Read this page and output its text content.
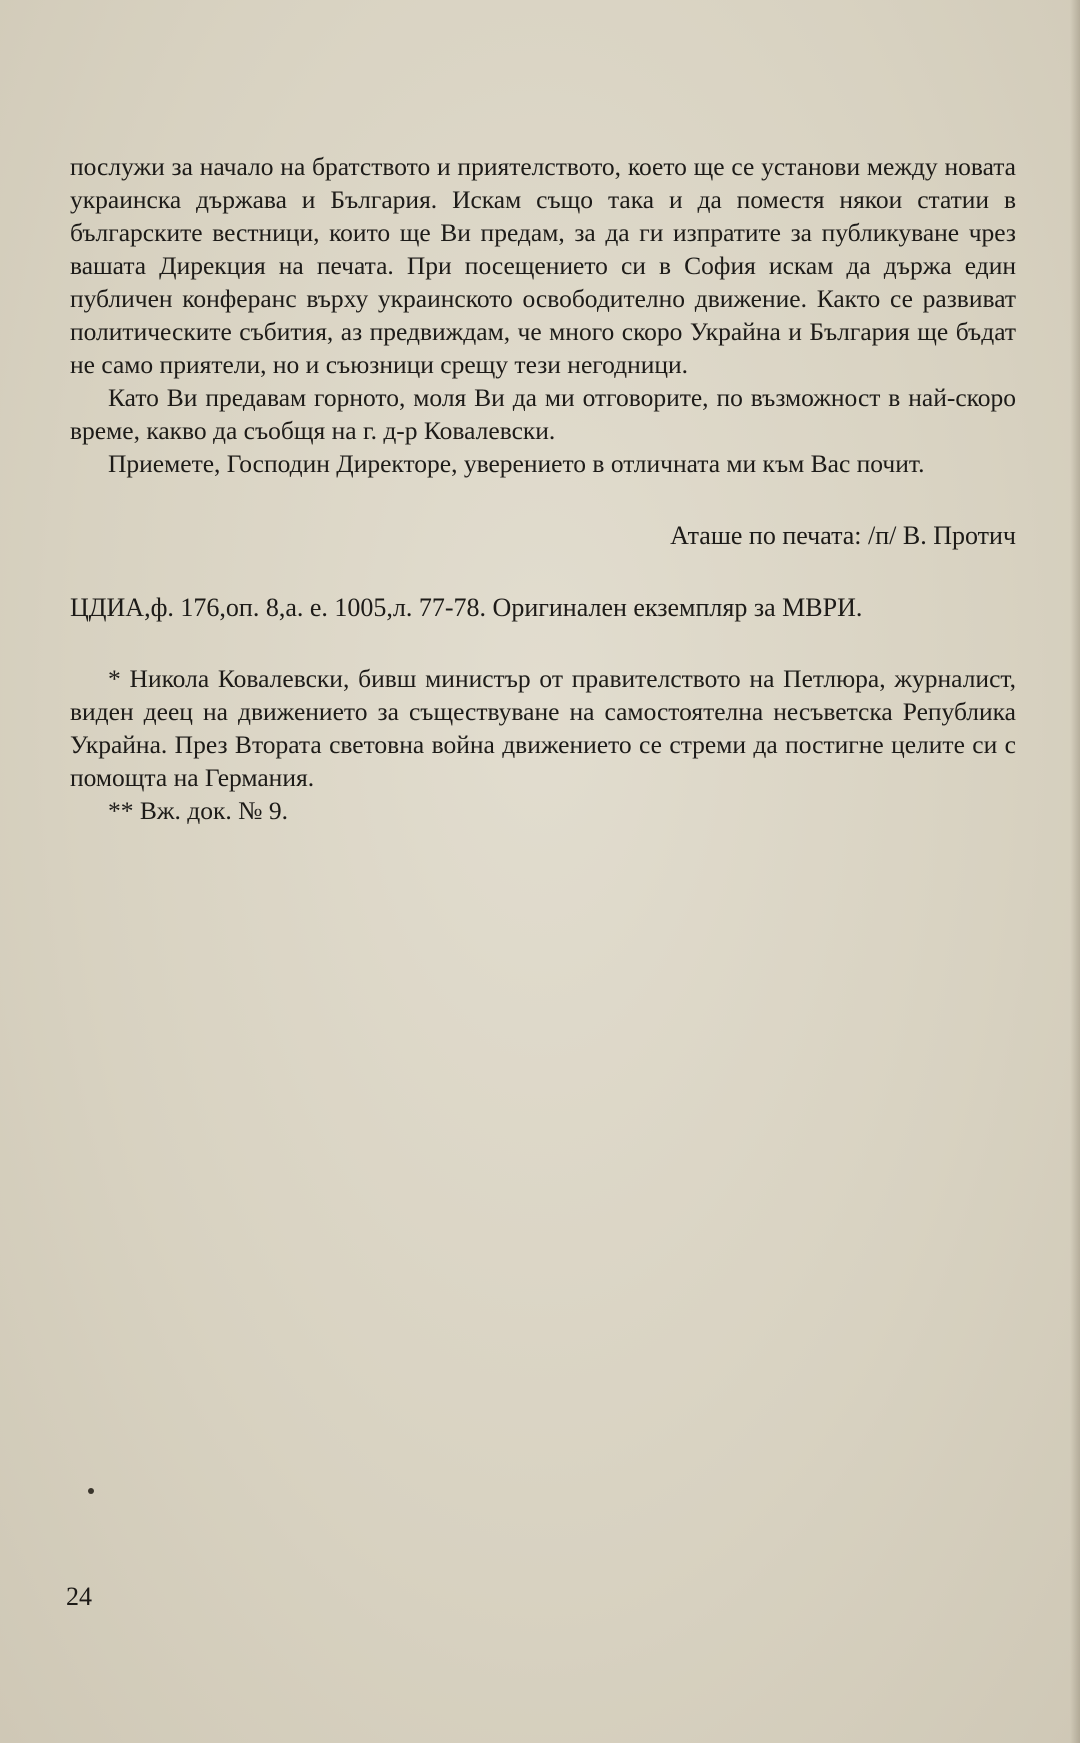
послужи за начало на братството и приятелството, което ще се установи между новата украинска държава и България. Искам също така и да поместя някои статии в българските вестници, които ще Ви предам, за да ги изпратите за публикуване чрез вашата Дирекция на печата. При посещението си в София искам да държа един публичен конферанс върху украинското освободително движение. Както се развиват политическите събития, аз предвиждам, че много скоро Украйна и България ще бъдат не само приятели, но и съюзници срещу тези негодници.

Като Ви предавам горното, моля Ви да ми отговорите, по възможност в най-скоро време, какво да съобщя на г. д-р Ковалевски.

Приемете, Господин Директоре, уверението в отличната ми към Вас почит.

Аташе по печата: /п/ В. Протич

ЦДИА,ф. 176,оп. 8,а. е. 1005,л. 77-78. Оригинален екземпляр за МВРИ.

* Никола Ковалевски, бивш министър от правителството на Петлюра, журналист, виден деец на движението за съществуване на самостоятелна несъветска Република Украйна. През Втората световна война движението се стреми да постигне целите си с помощта на Германия.

** Вж. док. № 9.

24
